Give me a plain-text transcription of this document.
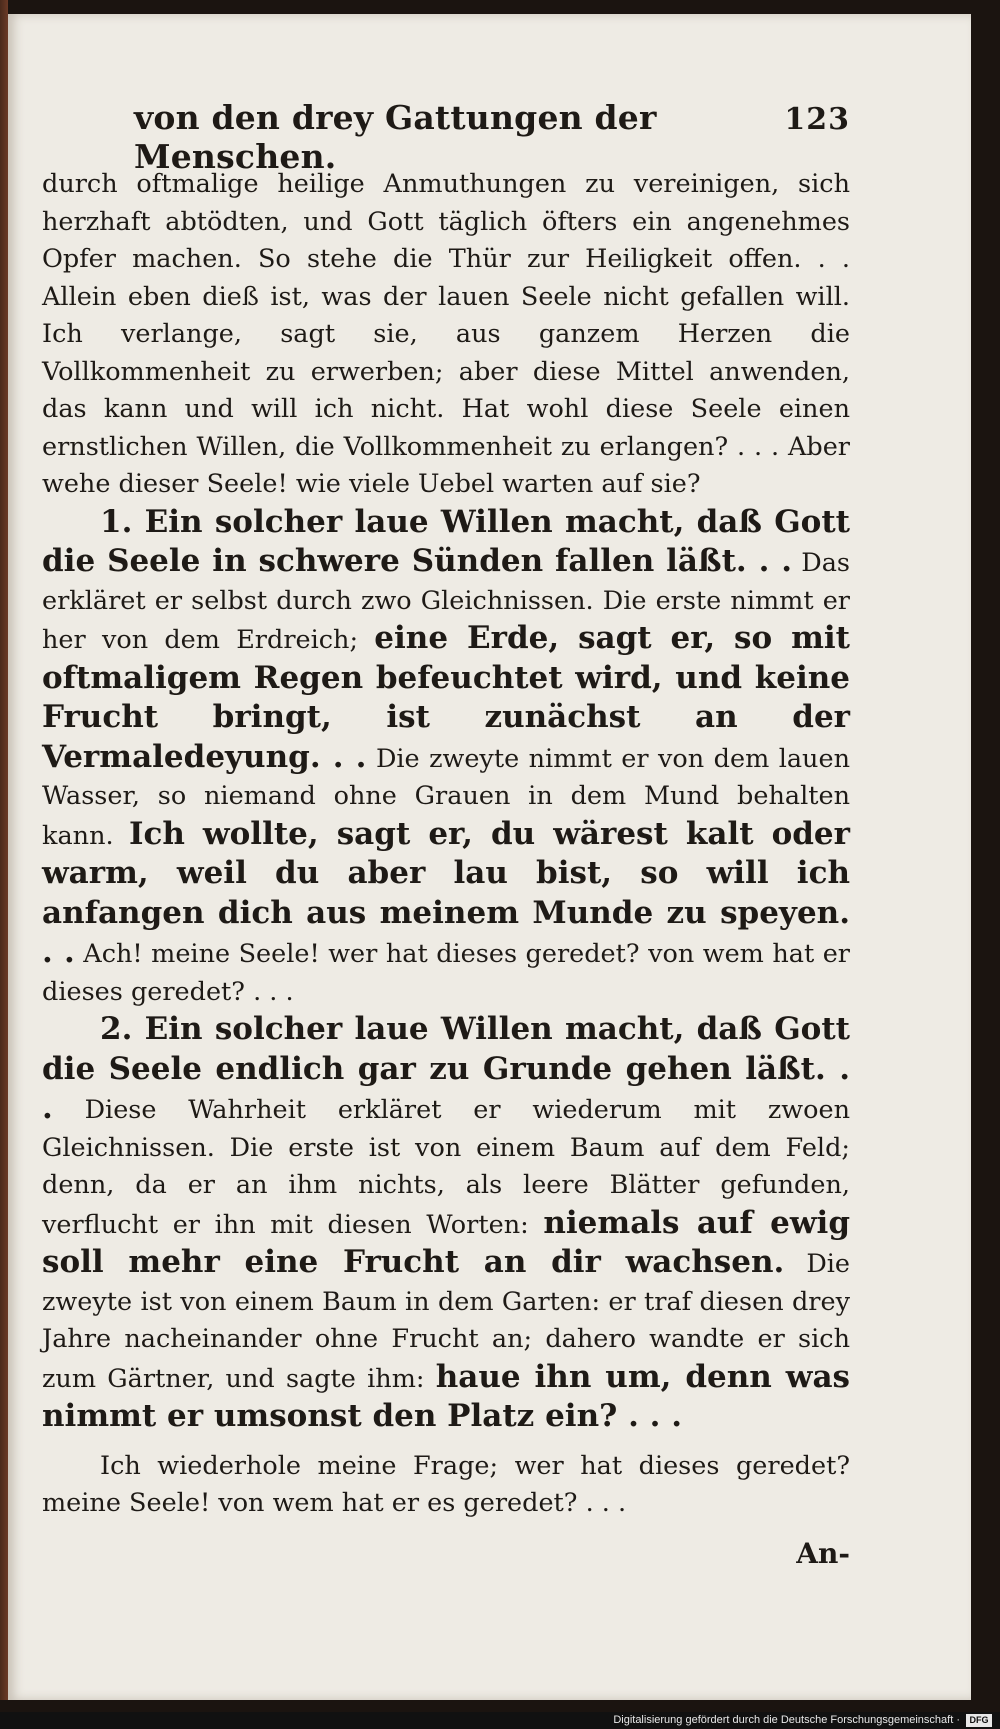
von den drey Gattungen der Menschen.
123

durch oftmalige heilige Anmuthungen zu vereinigen, sich herzhaft abtödten, und Gott täglich öfters ein angenehmes Opfer machen. So stehe die Thür zur Heiligkeit offen. . . Allein eben dieß ist, was der lauen Seele nicht gefallen will. Ich verlange, sagt sie, aus ganzem Herzen die Vollkommenheit zu erwerben; aber diese Mittel anwenden, das kann und will ich nicht. Hat wohl diese Seele einen ernstlichen Willen, die Vollkommenheit zu erlangen? . . . Aber wehe dieser Seele! wie viele Uebel warten auf sie?

1. Ein solcher laue Willen macht, daß Gott die Seele in schwere Sünden fallen läßt. . . Das erkläret er selbst durch zwo Gleichnissen. Die erste nimmt er her von dem Erdreich; eine Erde, sagt er, so mit oftmaligem Regen befeuchtet wird, und keine Frucht bringt, ist zunächst an der Vermaledeyung. . . Die zweyte nimmt er von dem lauen Wasser, so niemand ohne Grauen in dem Mund behalten kann. Ich wollte, sagt er, du wärest kalt oder warm, weil du aber lau bist, so will ich anfangen dich aus meinem Munde zu speyen. . . Ach! meine Seele! wer hat dieses geredet? von wem hat er dieses geredet? . . .

2. Ein solcher laue Willen macht, daß Gott die Seele endlich gar zu Grunde gehen läßt. . . Diese Wahrheit erkläret er wiederum mit zwoen Gleichnissen. Die erste ist von einem Baum auf dem Feld; denn, da er an ihm nichts, als leere Blätter gefunden, verflucht er ihn mit diesen Worten: niemals auf ewig soll mehr eine Frucht an dir wachsen. Die zweyte ist von einem Baum in dem Garten: er traf diesen drey Jahre nacheinander ohne Frucht an; dahero wandte er sich zum Gärtner, und sagte ihm: haue ihn um, denn was nimmt er umsonst den Platz ein? . . .

Ich wiederhole meine Frage; wer hat dieses geredet? meine Seele! von wem hat er es geredet? . . .

An-
Digitalisierung gefördert durch die Deutsche Forschungsgemeinschaft ·	DFG
